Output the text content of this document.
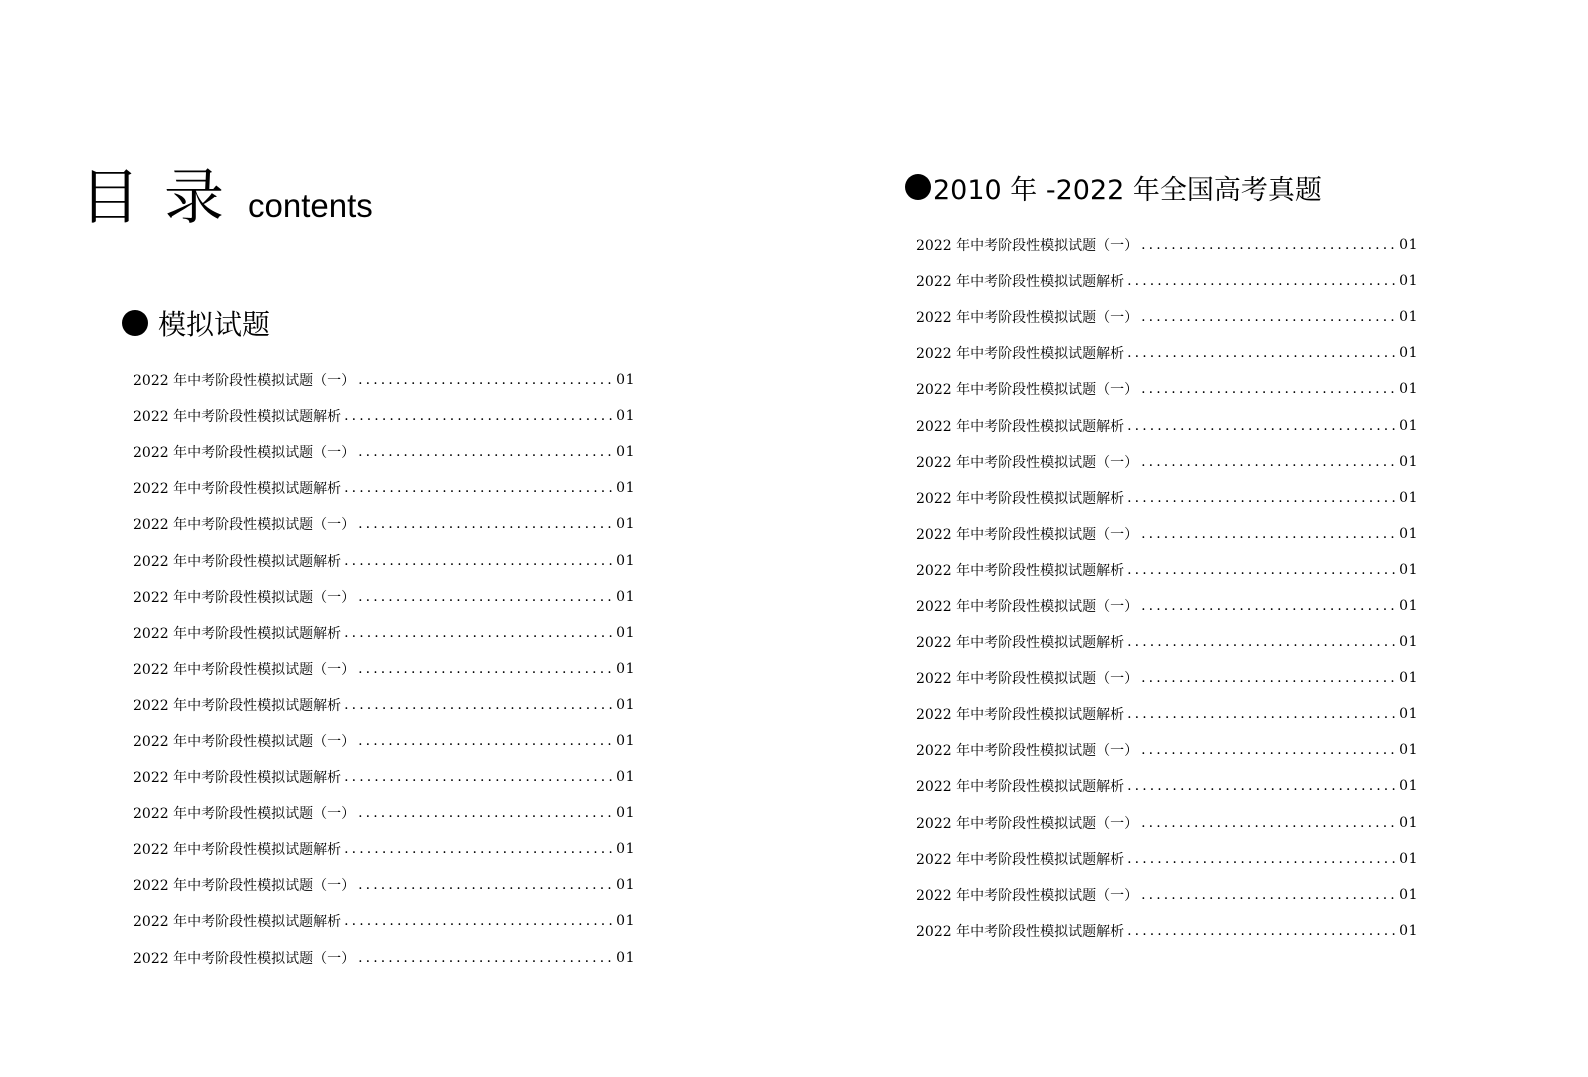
目录 contents
模拟试题
2022 年中考阶段性模拟试题（一） .....	01
2022 年中考阶段性模拟试题解析 .....	01
2022 年中考阶段性模拟试题（一） .....	01
2022 年中考阶段性模拟试题解析 .....	01
2022 年中考阶段性模拟试题（一） .....	01
2022 年中考阶段性模拟试题解析 .....	01
2022 年中考阶段性模拟试题（一） .....	01
2022 年中考阶段性模拟试题解析 .....	01
2022 年中考阶段性模拟试题（一） .....	01
2022 年中考阶段性模拟试题解析 .....	01
2022 年中考阶段性模拟试题（一） .....	01
2022 年中考阶段性模拟试题解析 .....	01
2022 年中考阶段性模拟试题（一） .....	01
2022 年中考阶段性模拟试题解析 .....	01
2022 年中考阶段性模拟试题（一） .....	01
2022 年中考阶段性模拟试题解析 .....	01
2022 年中考阶段性模拟试题（一） .....	01
2010 年 -2022 年全国高考真题
2022 年中考阶段性模拟试题（一） .....	01
2022 年中考阶段性模拟试题解析 .....	01
2022 年中考阶段性模拟试题（一） .....	01
2022 年中考阶段性模拟试题解析 .....	01
2022 年中考阶段性模拟试题（一） .....	01
2022 年中考阶段性模拟试题解析 .....	01
2022 年中考阶段性模拟试题（一） .....	01
2022 年中考阶段性模拟试题解析 .....	01
2022 年中考阶段性模拟试题（一） .....	01
2022 年中考阶段性模拟试题解析 .....	01
2022 年中考阶段性模拟试题（一） .....	01
2022 年中考阶段性模拟试题解析 .....	01
2022 年中考阶段性模拟试题（一） .....	01
2022 年中考阶段性模拟试题解析 .....	01
2022 年中考阶段性模拟试题（一） .....	01
2022 年中考阶段性模拟试题解析 .....	01
2022 年中考阶段性模拟试题（一） .....	01
2022 年中考阶段性模拟试题解析 .....	01
2022 年中考阶段性模拟试题（一） .....	01
2022 年中考阶段性模拟试题解析 .....	01
